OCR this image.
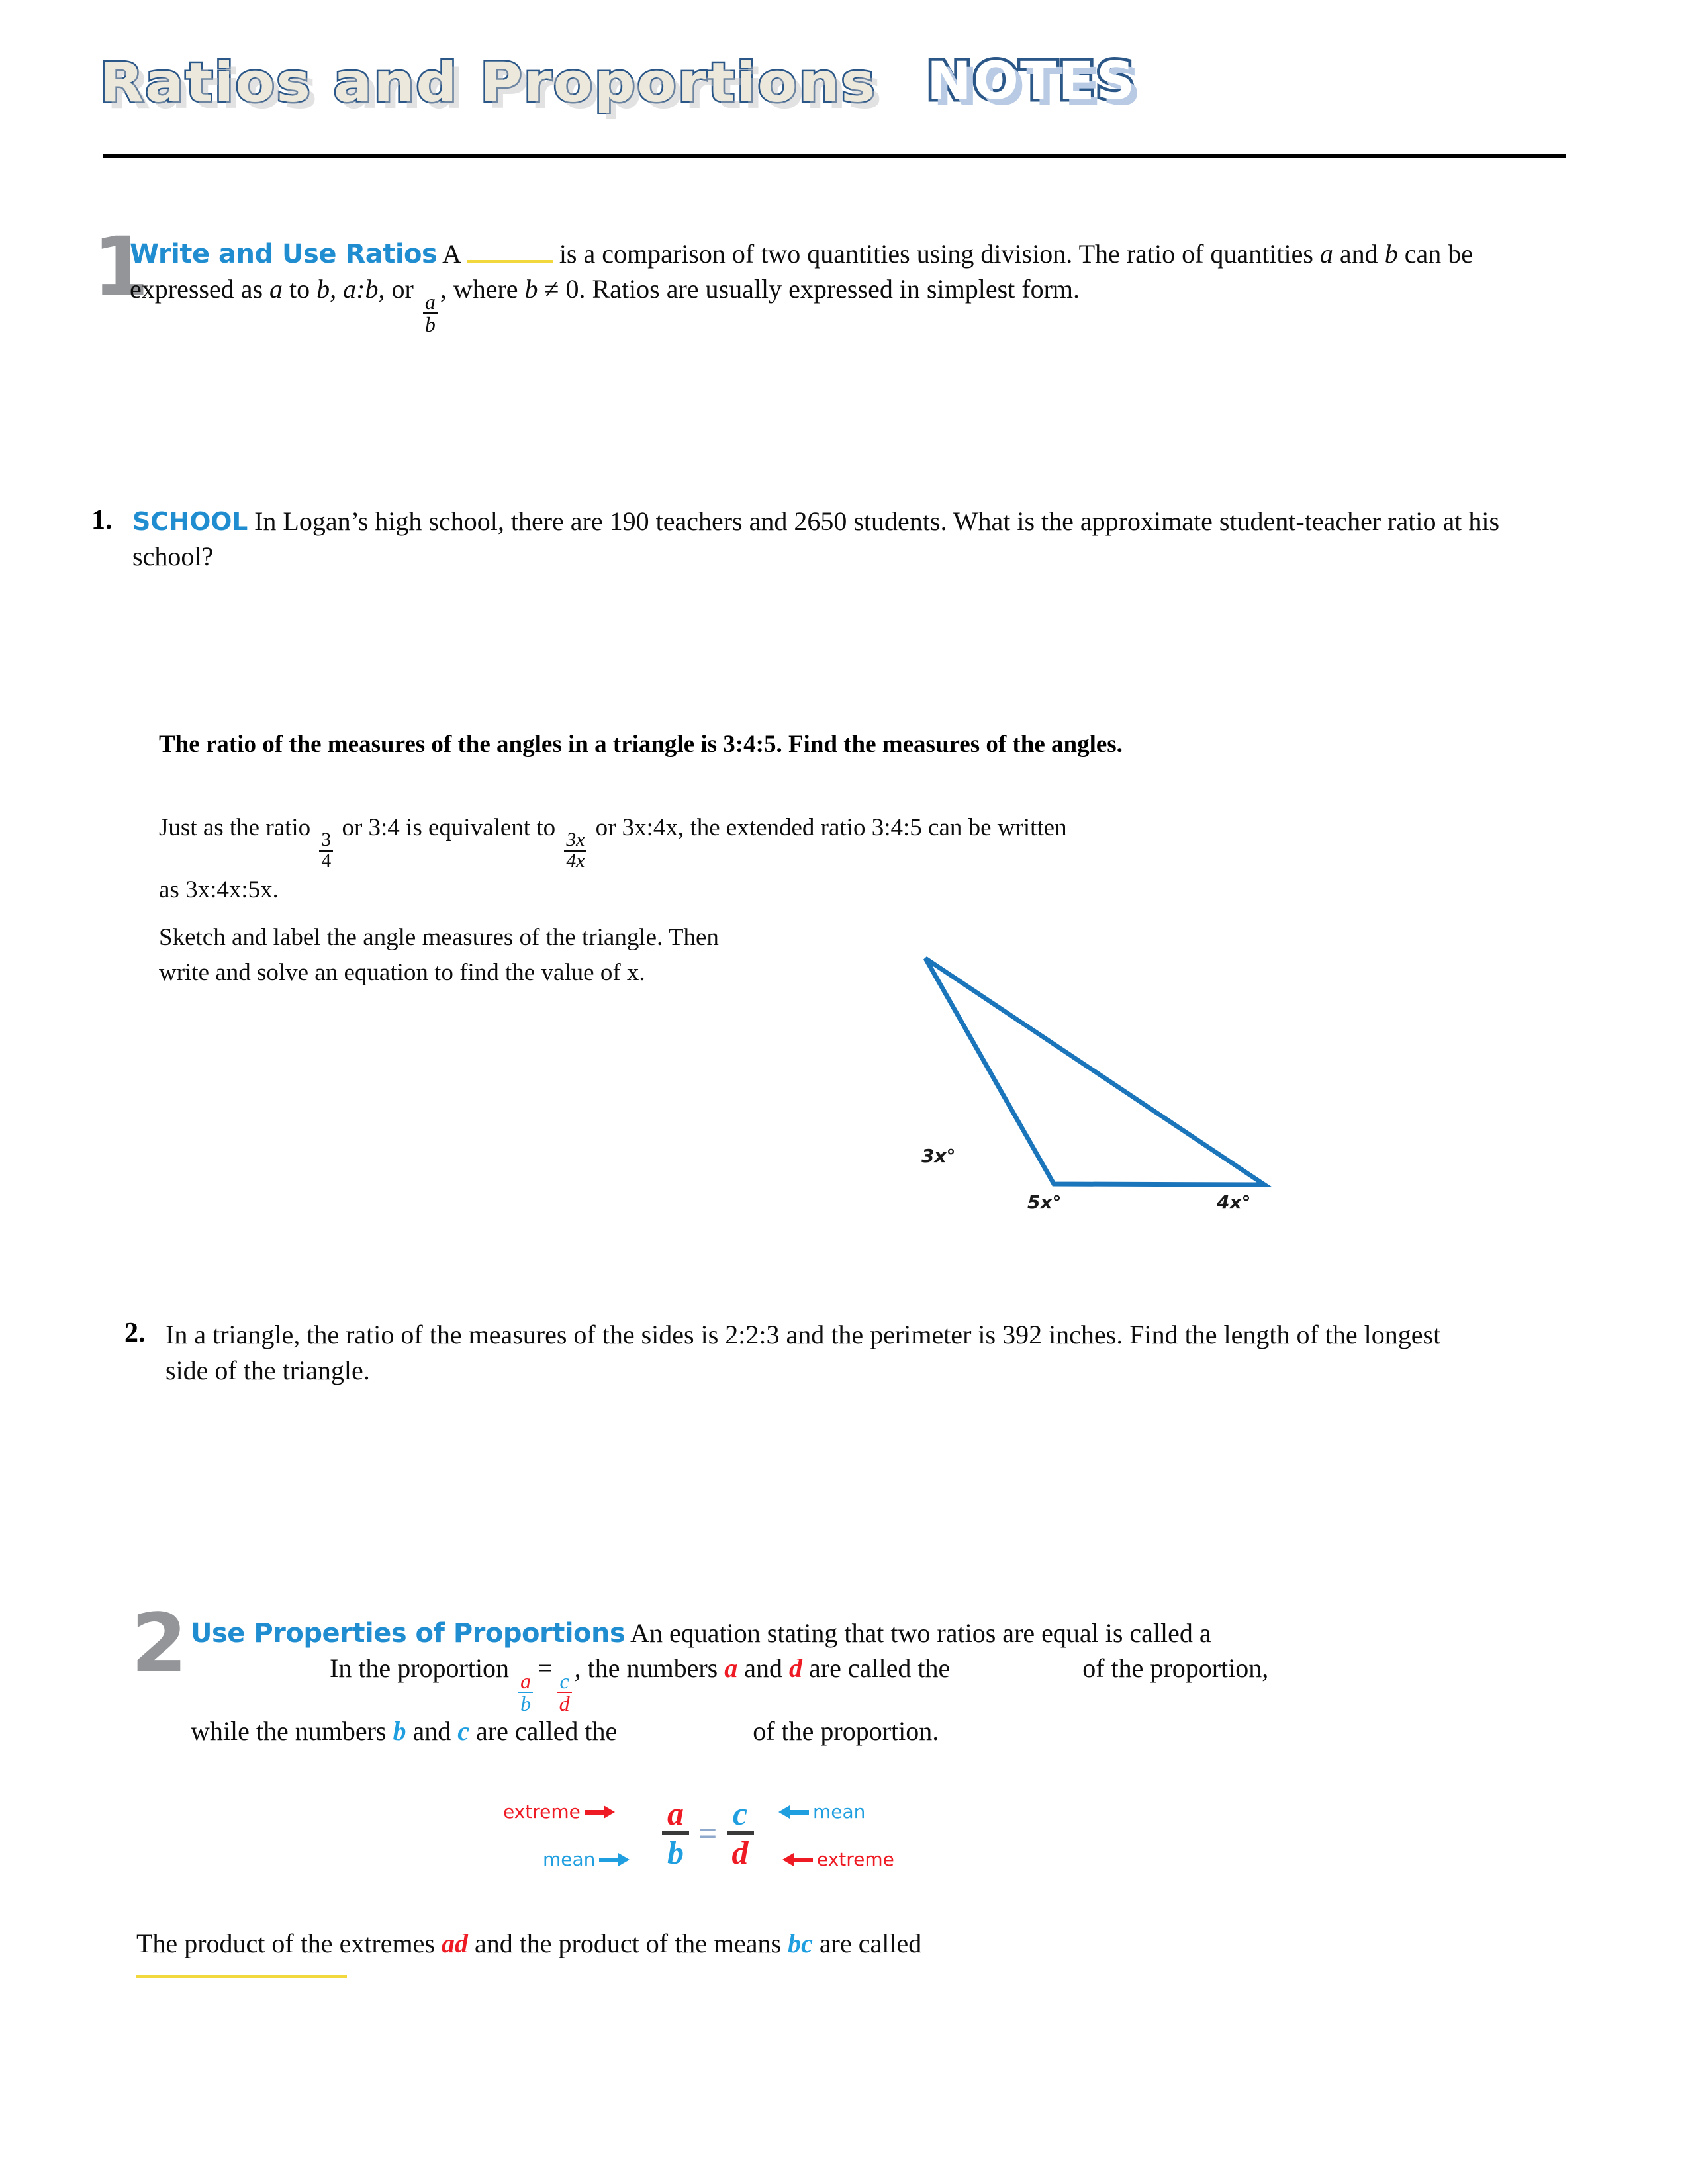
Ratios and Proportions NOTES
1
Write and Use Ratios A	is a comparison of two quantities using division. The ratio of quantities a and b can be expressed as a to b, a:b, or
$\frac{a}{b}$
, where b ≠ 0. Ratios are usually expressed in simplest form.
1. SCHOOL In Logan’s high school, there are 190 teachers and 2650 students. What is the approximate student-teacher ratio at his school?
The ratio of the measures of the angles in a triangle is 3:4:5. Find the measures of the angles.
Just as the ratio
$\frac{3}{4}$
or 3:4 is equivalent to
$\frac{3x}{4x}$
or 3x:4x, the extended ratio 3:4:5 can be written as 3x:4x:5x.
Sketch and label the angle measures of the triangle. Then write and solve an equation to find the value of x.
3x°
5x°	4x°
2. In a triangle, the ratio of the measures of the sides is 2:2:3 and the perimeter is 392 inches. Find the length of the longest side of the triangle.
2 Use Properties of Proportions An equation stating that two ratios are equal is called a  In the proportion
$\frac{a}{b}$
=
$\frac{c}{d}$
, the numbers a and d are called the	of the proportion, while the numbers b and c are called the	of the proportion.
extreme
mean $\frac{a}{b} = \frac{c}{d}$	mean
extreme
The product of the extremes ad and the product of the means bc are called
